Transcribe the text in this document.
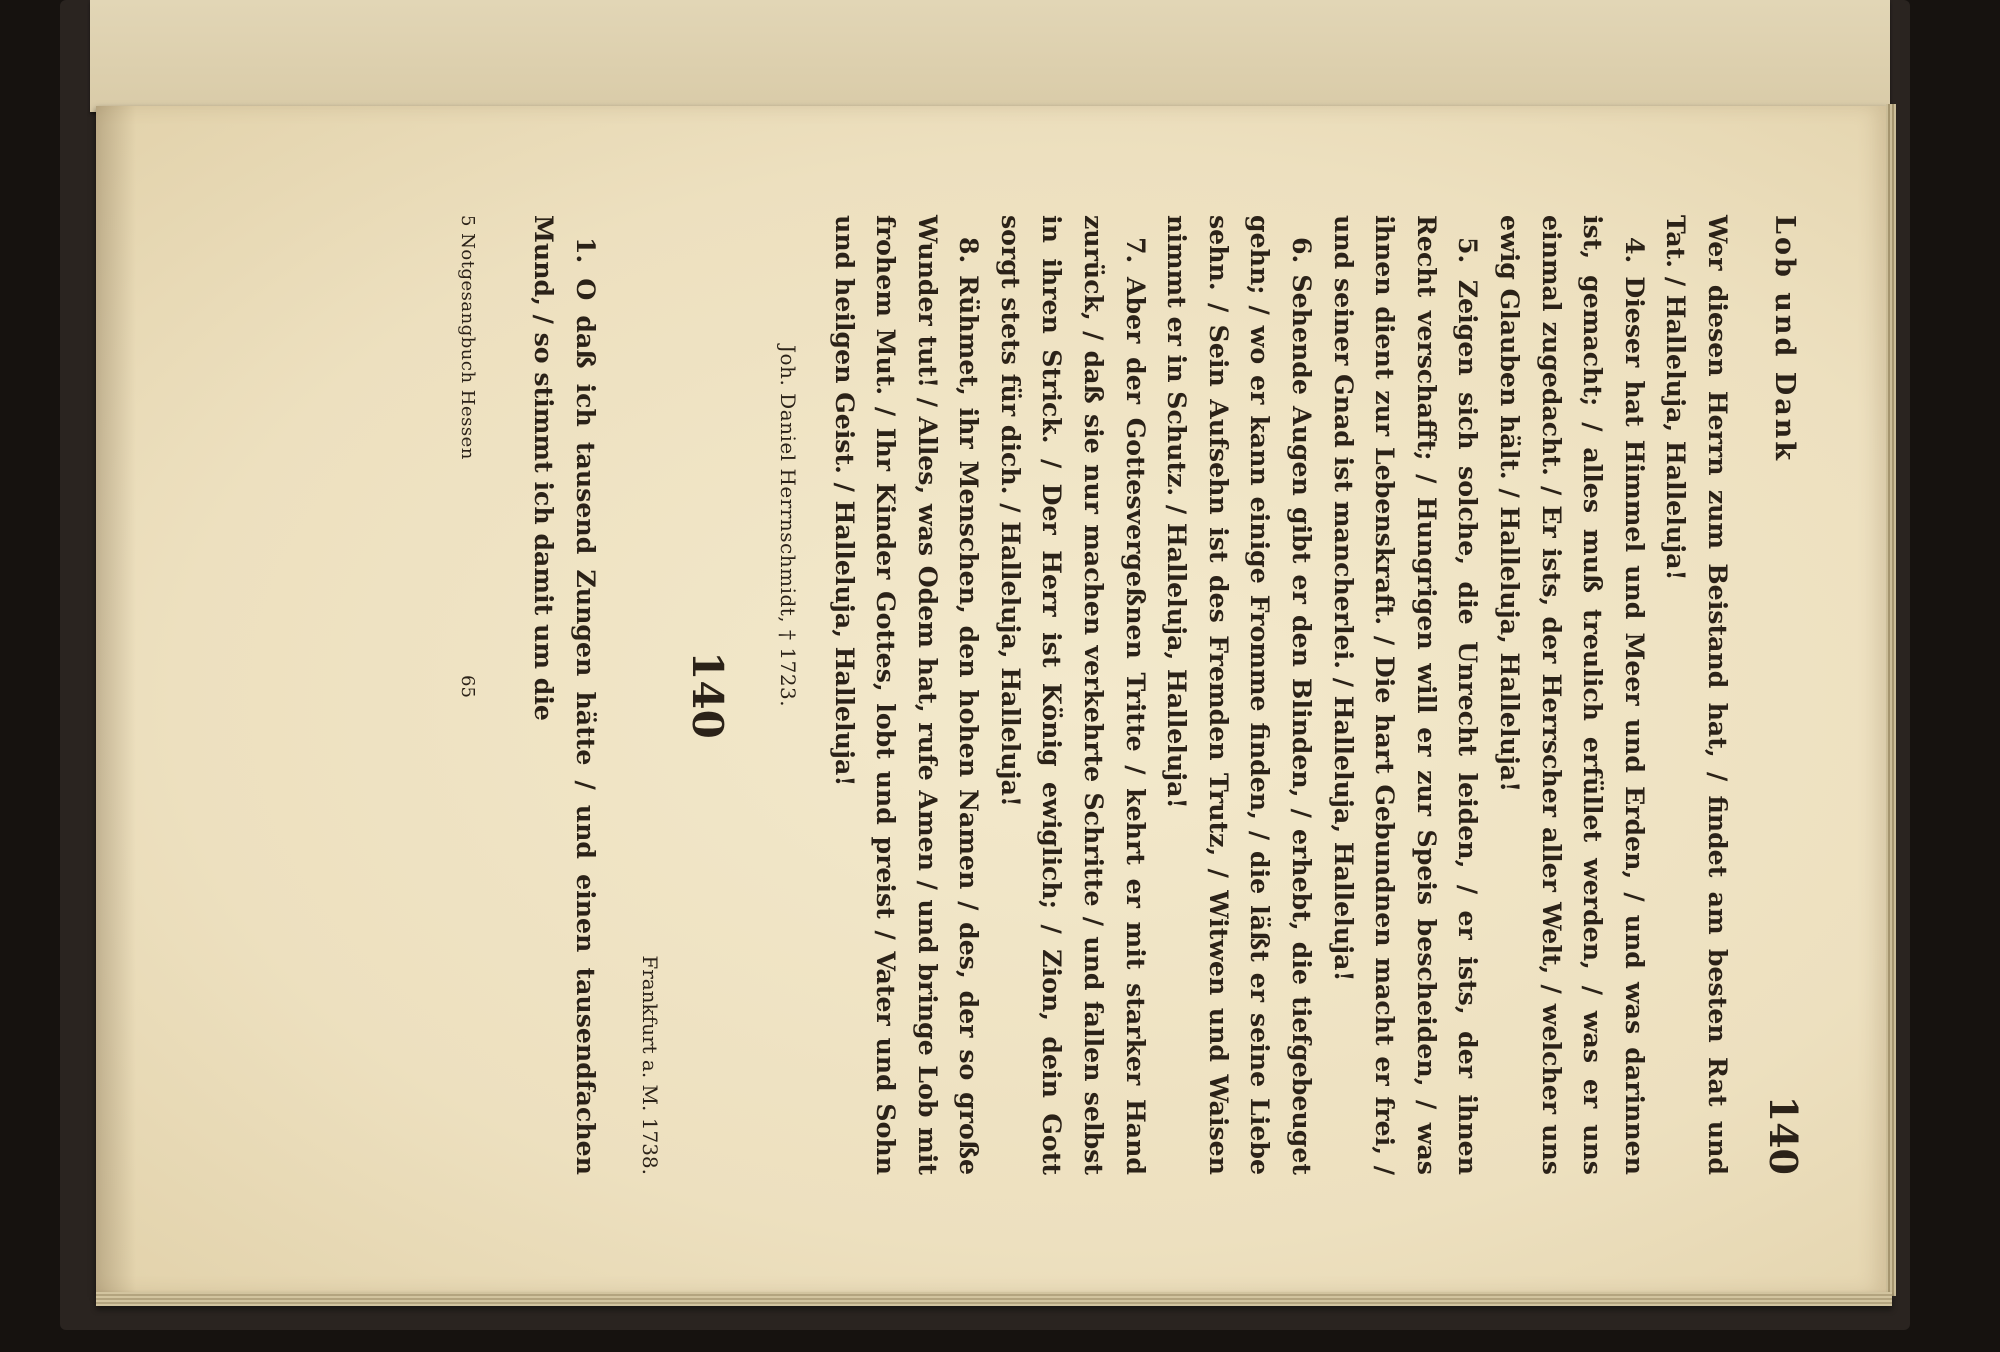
Lob und Dank
140

Wer diesen Herrn zum Beistand hat, / findet am besten Rat und Tat. / Halleluja, Halleluja!

4. Dieser hat Himmel und Meer und Erden, / und was darinnen ist, gemacht; / alles muß treulich erfüllet werden, / was er uns einmal zugedacht. / Er ists, der Herrscher aller Welt, / welcher uns ewig Glauben hält. / Halleluja, Halleluja!

5. Zeigen sich solche, die Unrecht leiden, / er ists, der ihnen Recht verschafft; / Hungrigen will er zur Speis bescheiden, / was ihnen dient zur Lebenskraft. / Die hart Gebundnen macht er frei, / und seiner Gnad ist mancherlei. / Halleluja, Halleluja!

6. Sehende Augen gibt er den Blinden, / erhebt, die tiefgebeuget gehn; / wo er kann einige Fromme finden, / die läßt er seine Liebe sehn. / Sein Aufsehn ist des Fremden Trutz, / Witwen und Waisen nimmt er in Schutz. / Halleluja, Halleluja!

7. Aber der Gottesvergeßnen Tritte / kehrt er mit starker Hand zurück, / daß sie nur machen verkehrte Schritte / und fallen selbst in ihren Strick. / Der Herr ist König ewiglich; / Zion, dein Gott sorgt stets für dich. / Halleluja, Halleluja!

8. Rühmet, ihr Menschen, den hohen Namen / des, der so große Wunder tut! / Alles, was Odem hat, rufe Amen / und bringe Lob mit frohem Mut. / Ihr Kinder Gottes, lobt und preist / Vater und Sohn und heilgen Geist. / Halleluja, Halleluja!

Joh. Daniel Herrnschmidt, † 1723.
140
Frankfurt a. M. 1738.

1. O daß ich tausend Zungen hätte / und einen tausendfachen Mund, / so stimmt ich damit um die

5 Notgesangbuch Hessen
65
